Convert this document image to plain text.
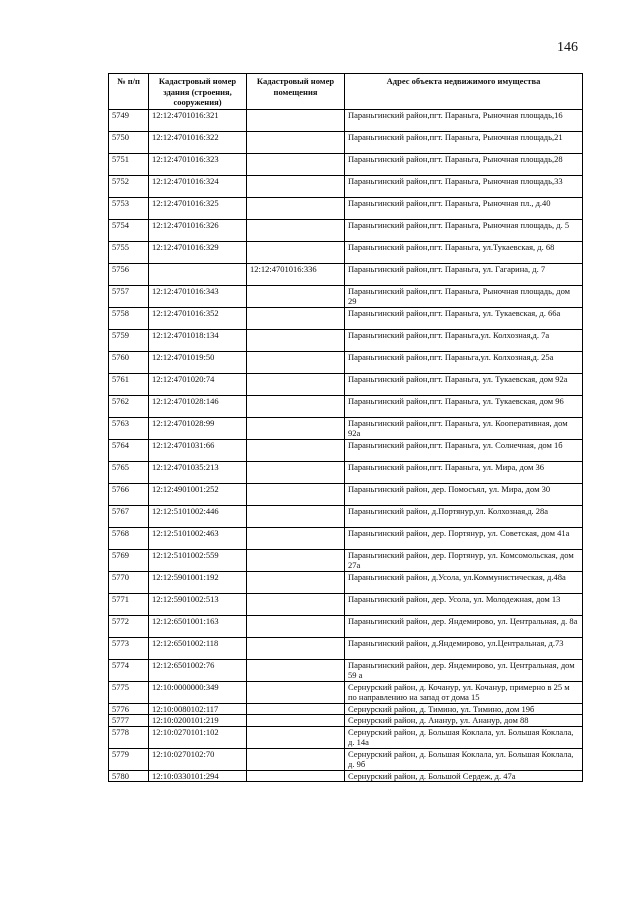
146
№ п/п	Кадастровый номер здания (строения, сооружения)	Кадастровый номер помещения	Адрес объекта недвижимого имущества
5749	12:12:4701016:321		Параньгинский район,пгт. Параньга, Рыночная площадь,16
5750	12:12:4701016:322		Параньгинский район,пгт. Параньга, Рыночная площадь,21
5751	12:12:4701016:323		Параньгинский район,пгт. Параньга, Рыночная площадь,28
5752	12:12:4701016:324		Параньгинский район,пгт. Параньга, Рыночная площадь,33
5753	12:12:4701016:325		Параньгинский район,пгт. Параньга, Рыночная пл., д.40
5754	12:12:4701016:326		Параньгинский район,пгт. Параньга, Рыночная площадь, д. 5
5755	12:12:4701016:329		Параньгинский район,пгт. Параньга, ул.Тукаевская, д. 68
5756		12:12:4701016:336	Параньгинский район,пгт. Параньга, ул. Гагарина, д. 7
5757	12:12:4701016:343		Параньгинский район,пгт. Параньга, Рыночная площадь, дом 29
5758	12:12:4701016:352		Параньгинский район,пгт. Параньга, ул. Тукаевская, д. 66а
5759	12:12:4701018:134		Параньгинский район,пгт. Параньга,ул. Колхозная,д. 7а
5760	12:12:4701019:50		Параньгинский район,пгт. Параньга,ул. Колхозная,д. 25а
5761	12:12:4701020:74		Параньгинский район,пгт. Параньга, ул. Тукаевская, дом 92а
5762	12:12:4701028:146		Параньгинский район,пгт. Параньга, ул. Тукаевская, дом 96
5763	12:12:4701028:99		Параньгинский район,пгт. Параньга, ул. Кооперативная, дом 92а
5764	12:12:4701031:66		Параньгинский район,пгт. Параньга, ул. Солнечная, дом 1б
5765	12:12:4701035:213		Параньгинский район,пгт. Параньга, ул. Мира, дом 36
5766	12:12:4901001:252		Параньгинский район, дер. Помосъял, ул. Мира, дом 30
5767	12:12:5101002:446		Параньгинский район, д.Портянур,ул. Колхозная,д. 28а
5768	12:12:5101002:463		Параньгинский район, дер. Портянур, ул. Советская, дом 41а
5769	12:12:5101002:559		Параньгинский район, дер. Портянур, ул. Комсомольская, дом 27а
5770	12:12:5901001:192		Параньгинский район, д.Усола, ул.Коммунистическая, д.48а
5771	12:12:5901002:513		Параньгинский район, дер. Усола, ул. Молодежная, дом 13
5772	12:12:6501001:163		Параньгинский район, дер. Яндемирово, ул. Центральная, д. 8а
5773	12:12:6501002:118		Параньгинский район, д.Яндемирово, ул.Центральная, д.73
5774	12:12:6501002:76		Параньгинский район, дер. Яндемирово, ул. Центральная, дом 59 а
5775	12:10:0000000:349		Сернурский район, д. Кочанур, ул. Кочанур, примерно в 25 м по направлению на запад от дома 15
5776	12:10:0080102:117		Сернурский район, д. Тимино, ул. Тимино, дом 19б
5777	12:10:0200101:219		Сернурский район, д. Ананур, ул. Ананур, дом 88
5778	12:10:0270101:102		Сернурский район, д. Большая Коклала, ул. Большая Коклала, д. 14а
5779	12:10:0270102:70		Сернурский район, д. Большая Коклала, ул. Большая Коклала, д. 9б
5780	12:10:0330101:294		Сернурский район, д. Большой Сердеж, д. 47а
